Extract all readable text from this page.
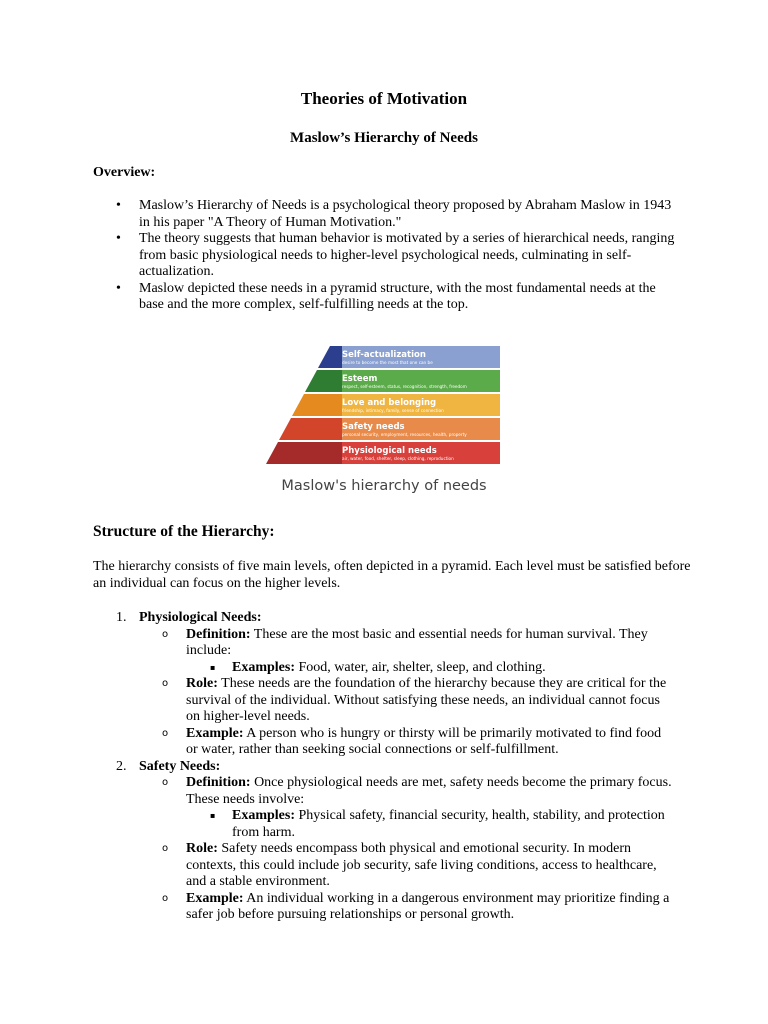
Theories of Motivation
Maslow’s Hierarchy of Needs
Overview:
• Maslow’s Hierarchy of Needs is a psychological theory proposed by Abraham Maslow in 1943 in his paper "A Theory of Human Motivation."
• The theory suggests that human behavior is motivated by a series of hierarchical needs, ranging from basic physiological needs to higher-level psychological needs, culminating in self-actualization.
• Maslow depicted these needs in a pyramid structure, with the most fundamental needs at the base and the more complex, self-fulfilling needs at the top.
Self-actualization
desire to become the most that one can be
Esteem
respect, self-esteem, status, recognition, strength, freedom
Love and belonging
friendship, intimacy, family, sense of connection
Safety needs
personal security, employment, resources, health, property
Physiological needs
air, water, food, shelter, sleep, clothing, reproduction
Maslow's hierarchy of needs
Structure of the Hierarchy:
The hierarchy consists of five main levels, often depicted in a pyramid. Each level must be satisfied before an individual can focus on the higher levels.
1. Physiological Needs:
o Definition: These are the most basic and essential needs for human survival. They include:
▪ Examples: Food, water, air, shelter, sleep, and clothing.
o Role: These needs are the foundation of the hierarchy because they are critical for the survival of the individual. Without satisfying these needs, an individual cannot focus on higher-level needs.
o Example: A person who is hungry or thirsty will be primarily motivated to find food or water, rather than seeking social connections or self-fulfillment.
2. Safety Needs:
o Definition: Once physiological needs are met, safety needs become the primary focus. These needs involve:
▪ Examples: Physical safety, financial security, health, stability, and protection from harm.
o Role: Safety needs encompass both physical and emotional security. In modern contexts, this could include job security, safe living conditions, access to healthcare, and a stable environment.
o Example: An individual working in a dangerous environment may prioritize finding a safer job before pursuing relationships or personal growth.
